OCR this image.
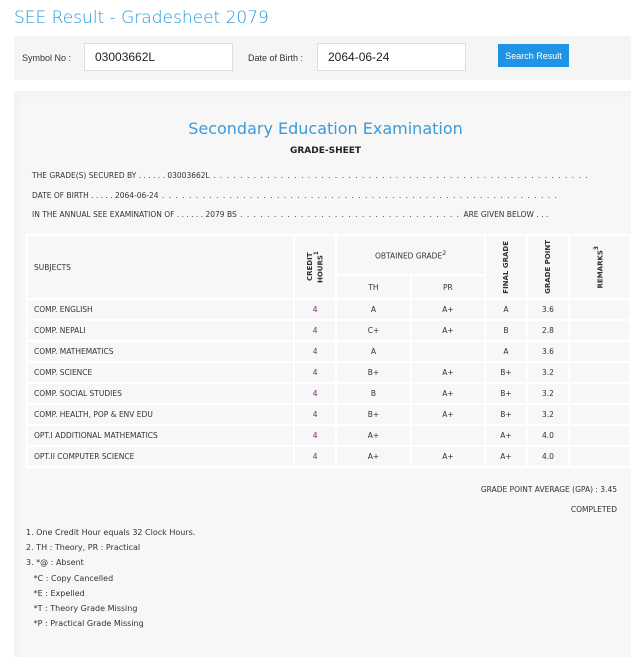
SEE Result - Gradesheet 2079
Symbol No :
03003662L	Date of Birth :
2064-06-24	Search Result
Secondary Education Examination
GRADE-SHEET
THE GRADE(S) SECURED BY . . . . . . 03003662L . . . . . . . . . . . . . . . . . . . . . . . . . . . . . . . . . . . . . . . . . . . . . . . . . . . . . . . .
DATE OF BIRTH . . . . . 2064-06-24 . . . . . . . . . . . . . . . . . . . . . . . . . . . . . . . . . . . . . . . . . . . . . . . . . . . . . . . . . . .
IN THE ANNUAL SEE EXAMINATION OF . . . . . . 2079 BS . . . . . . . . . . . . . . . . . . . . . . . . . . . . . . . . . ARE GIVEN BELOW . . .
SUBJECTS	CREDIT HOURS$^1$	OBTAINED GRADE$^2$		FINAL GRADE	GRADE POINT	REMARKS$^3$

		TH	PR			
COMP. ENGLISH	4	A	A+	A	3.6	
COMP. NEPALI	4	C+	A+	B	2.8	
COMP. MATHEMATICS	4	A		A	3.6	
COMP. SCIENCE	4	B+	A+	B+	3.2	
COMP. SOCIAL STUDIES	4	B	A+	B+	3.2	
COMP. HEALTH, POP & ENV EDU	4	B+	A+	B+	3.2	
OPT.I ADDITIONAL MATHEMATICS	4	A+		A+	4.0	
OPT.II COMPUTER SCIENCE	4	A+	A+	A+	4.0	
GRADE POINT AVERAGE (GPA) : 3.45
COMPLETED
1. One Credit Hour equals 32 Clock Hours.
2. TH : Theory, PR : Practical
3. *@ : Absent
*C : Copy Cancelled
*E : Expelled
*T : Theory Grade Missing
*P : Practical Grade Missing
